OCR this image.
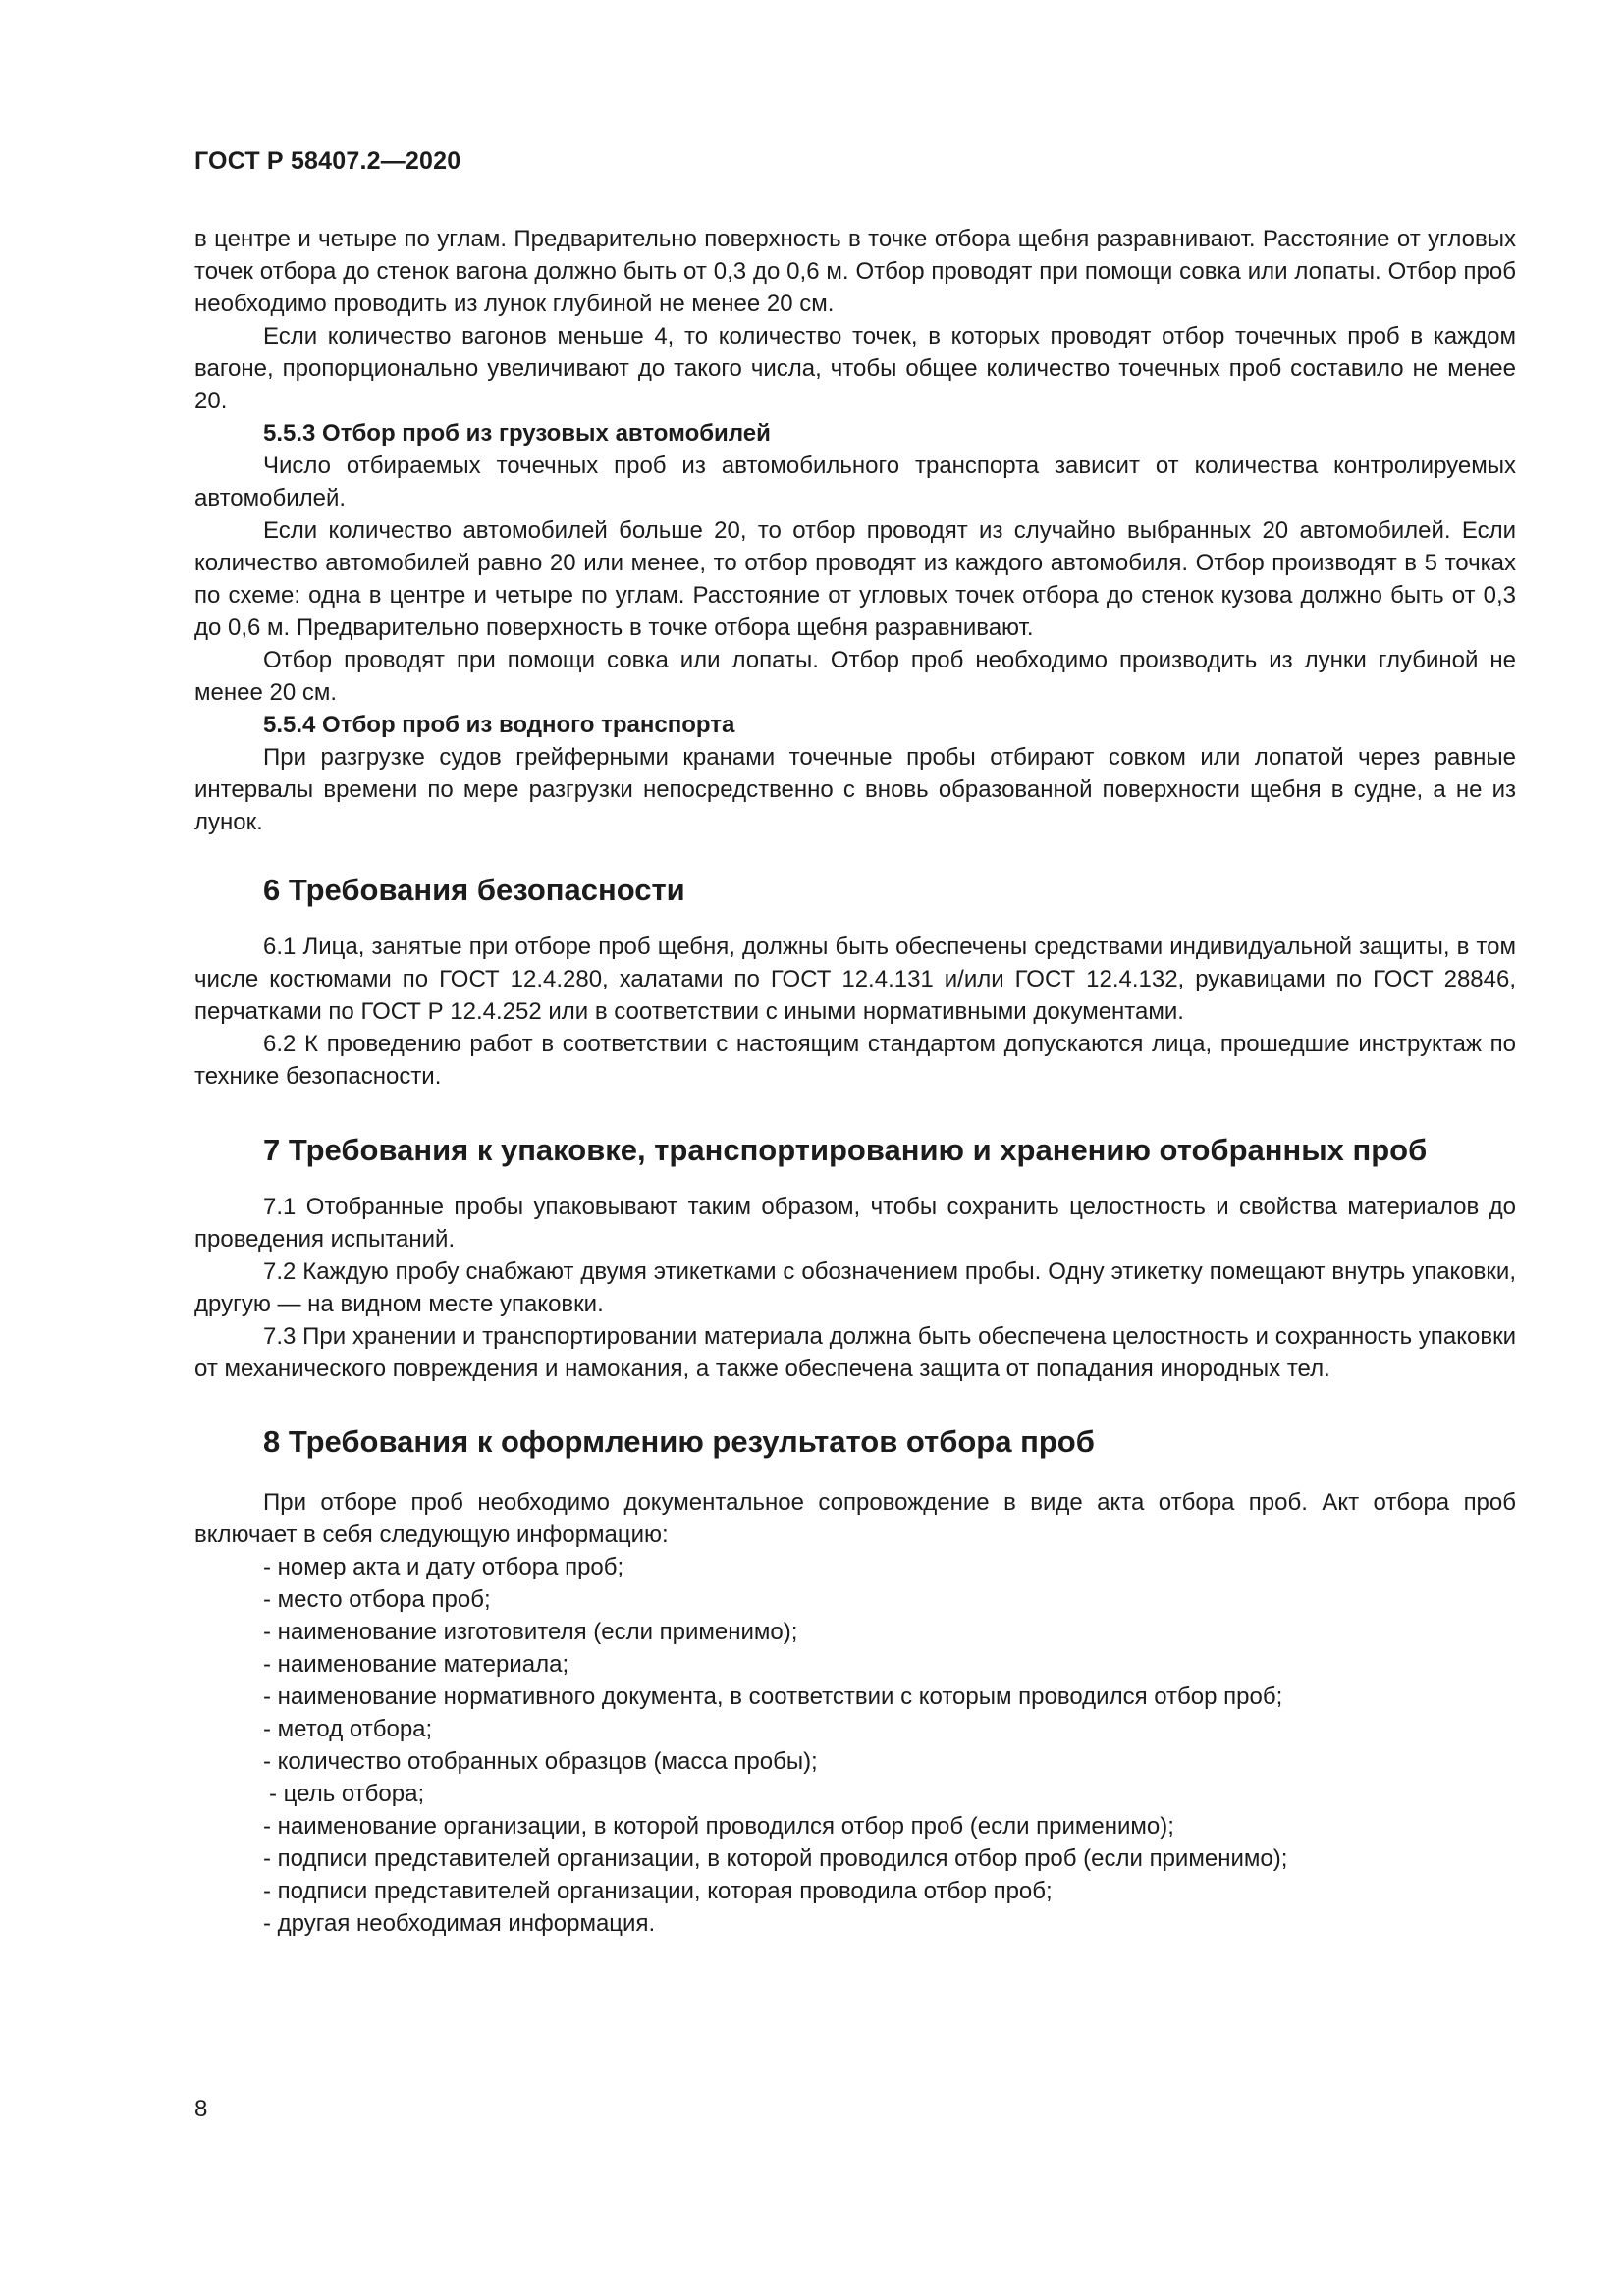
ГОСТ Р 58407.2—2020

в центре и четыре по углам. Предварительно поверхность в точке отбора щебня разравнивают. Расстояние от угловых точек отбора до стенок вагона должно быть от 0,3 до 0,6 м. Отбор проводят при помощи совка или лопаты. Отбор проб необходимо проводить из лунок глубиной не менее 20 см.

Если количество вагонов меньше 4, то количество точек, в которых проводят отбор точечных проб в каждом вагоне, пропорционально увеличивают до такого числа, чтобы общее количество точечных проб составило не менее 20.

5.5.3 Отбор проб из грузовых автомобилей

Число отбираемых точечных проб из автомобильного транспорта зависит от количества контролируемых автомобилей.

Если количество автомобилей больше 20, то отбор проводят из случайно выбранных 20 автомобилей. Если количество автомобилей равно 20 или менее, то отбор проводят из каждого автомобиля. Отбор производят в 5 точках по схеме: одна в центре и четыре по углам. Расстояние от угловых точек отбора до стенок кузова должно быть от 0,3 до 0,6 м. Предварительно поверхность в точке отбора щебня разравнивают.

Отбор проводят при помощи совка или лопаты. Отбор проб необходимо производить из лунки глубиной не менее 20 см.

5.5.4 Отбор проб из водного транспорта

При разгрузке судов грейферными кранами точечные пробы отбирают совком или лопатой через равные интервалы времени по мере разгрузки непосредственно с вновь образованной поверхности щебня в судне, а не из лунок.

6 Требования безопасности

6.1 Лица, занятые при отборе проб щебня, должны быть обеспечены средствами индивидуальной защиты, в том числе костюмами по ГОСТ 12.4.280, халатами по ГОСТ 12.4.131 и/или ГОСТ 12.4.132, рукавицами по ГОСТ 28846, перчатками по ГОСТ Р 12.4.252 или в соответствии с иными нормативными документами.

6.2 К проведению работ в соответствии с настоящим стандартом допускаются лица, прошедшие инструктаж по технике безопасности.

7 Требования к упаковке, транспортированию и хранению отобранных проб

7.1 Отобранные пробы упаковывают таким образом, чтобы сохранить целостность и свойства материалов до проведения испытаний.

7.2 Каждую пробу снабжают двумя этикетками с обозначением пробы. Одну этикетку помещают внутрь упаковки, другую — на видном месте упаковки.

7.3 При хранении и транспортировании материала должна быть обеспечена целостность и сохранность упаковки от механического повреждения и намокания, а также обеспечена защита от попадания инородных тел.

8 Требования к оформлению результатов отбора проб

При отборе проб необходимо документальное сопровождение в виде акта отбора проб. Акт отбора проб включает в себя следующую информацию:

- номер акта и дату отбора проб;
- место отбора проб;
- наименование изготовителя (если применимо);
- наименование материала;
- наименование нормативного документа, в соответствии с которым проводился отбор проб;
- метод отбора;
- количество отобранных образцов (масса пробы);
- цель отбора;
- наименование организации, в которой проводился отбор проб (если применимо);
- подписи представителей организации, в которой проводился отбор проб (если применимо);
- подписи представителей организации, которая проводила отбор проб;
- другая необходимая информация.
8
